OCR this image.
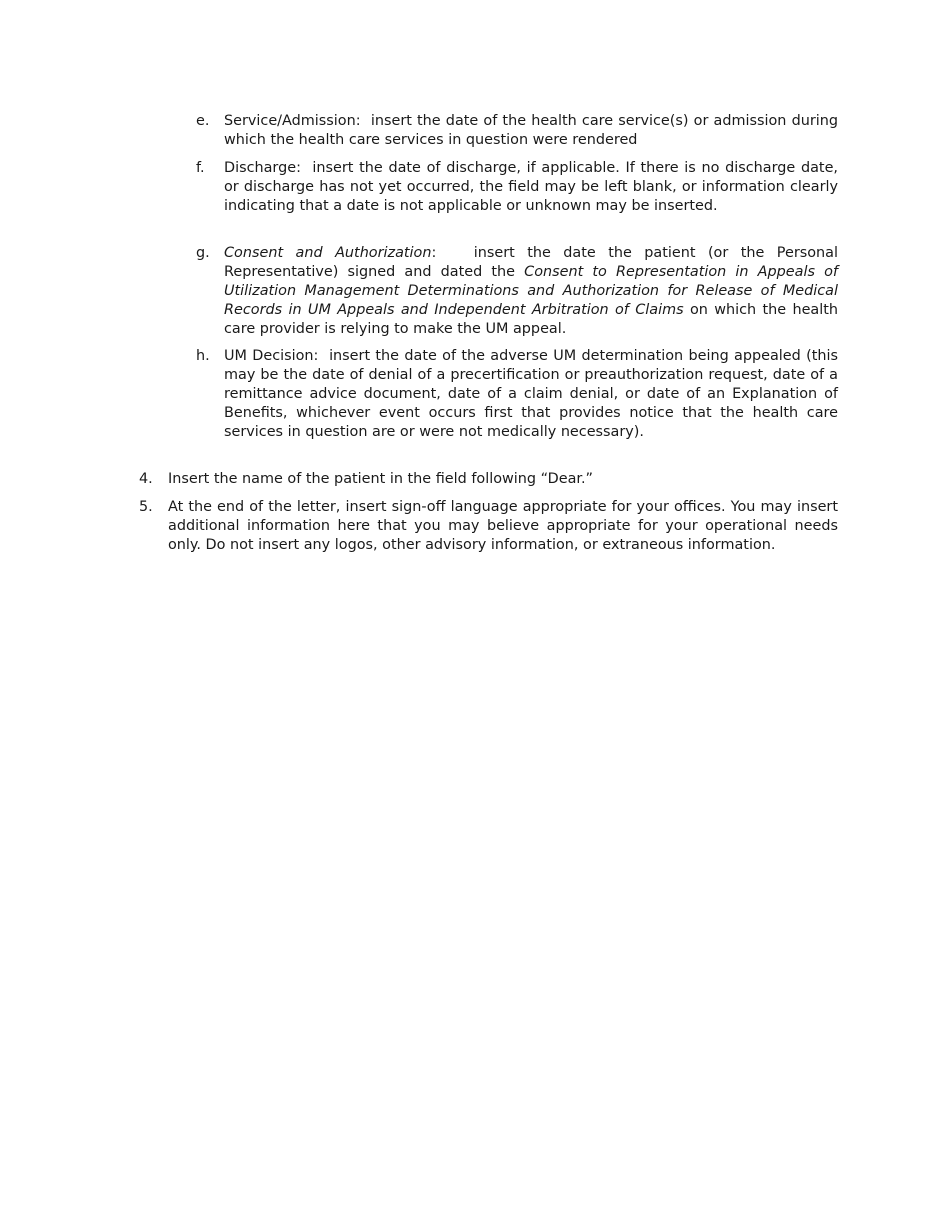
e. Service/Admission: insert the date of the health care service(s) or admission during which the health care services in question were rendered
f. Discharge: insert the date of discharge, if applicable. If there is no discharge date, or discharge has not yet occurred, the field may be left blank, or information clearly indicating that a date is not applicable or unknown may be inserted.
g. Consent and Authorization:	insert the date the patient (or the Personal Representative) signed and dated the Consent to Representation in Appeals of Utilization Management Determinations and Authorization for Release of Medical Records in UM Appeals and Independent Arbitration of Claims on which the health care provider is relying to make the UM appeal.
h. UM Decision: insert the date of the adverse UM determination being appealed (this may be the date of denial of a precertification or preauthorization request, date of a remittance advice document, date of a claim denial, or date of an Explanation of Benefits, whichever event occurs first that provides notice that the health care services in question are or were not medically necessary).
4. Insert the name of the patient in the field following “Dear.”
5. At the end of the letter, insert sign-off language appropriate for your offices. You may insert additional information here that you may believe appropriate for your operational needs only. Do not insert any logos, other advisory information, or extraneous information.
